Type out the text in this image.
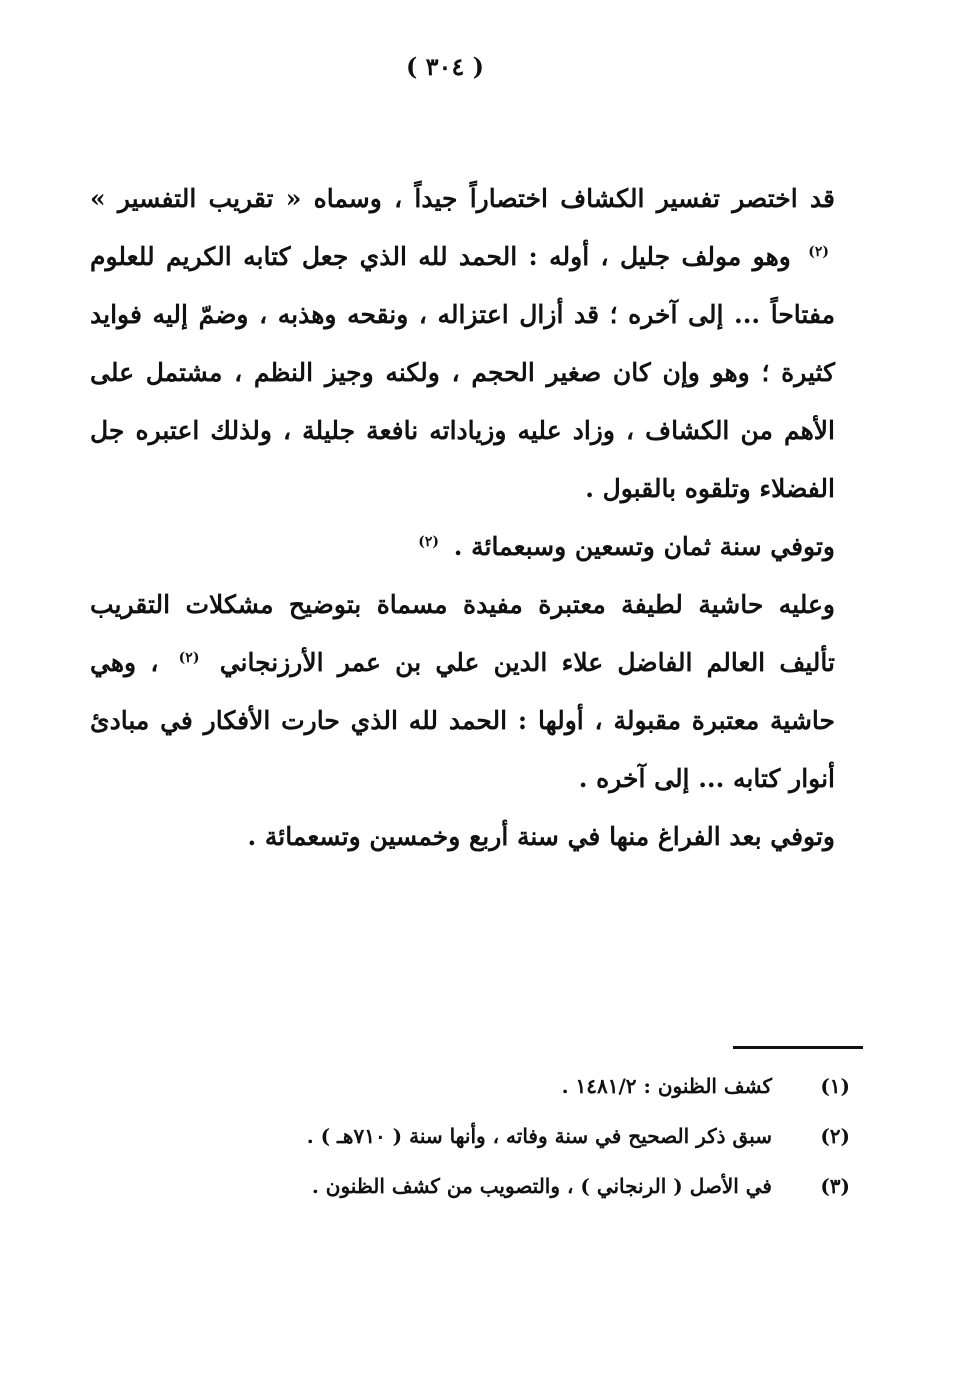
( ٣٠٤ )

قد اختصر تفسير الكشاف اختصاراً جيداً ، وسماه « تقريب التفسير » $^{(٢)}$ وهو مولف جليل ، أوله : الحمد لله الذي جعل كتابه الكريم للعلوم مفتاحاً ... إلى آخره ؛ قد أزال اعتزاله ، ونقحه وهذبه ، وضمّ إليه فوايد كثيرة ؛ وهو وإن كان صغير الحجم ، ولكنه وجيز النظم ، مشتمل على الأهم من الكشاف ، وزاد عليه وزياداته نافعة جليلة ، ولذلك اعتبره جل الفضلاء وتلقوه بالقبول .

وتوفي سنة ثمان وتسعين وسبعمائة . $^{(٢)}$

وعليه حاشية لطيفة معتبرة مفيدة مسماة بتوضيح مشكلات التقريب تأليف العالم الفاضل علاء الدين علي بن عمر الأرزنجاني $^{(٢)}$ ، وهي حاشية معتبرة مقبولة ، أولها : الحمد لله الذي حارت الأفكار في مبادئ أنوار كتابه ... إلى آخره .

وتوفي بعد الفراغ منها في سنة أربع وخمسين وتسعمائة .

(١)
كشف الظنون : ١٤٨١/٢ .
(٢)
سبق ذكر الصحيح في سنة وفاته ، وأنها سنة ( ٧١٠هـ ) .
(٣)
في الأصل ( الرنجاني ) ، والتصويب من كشف الظنون .
